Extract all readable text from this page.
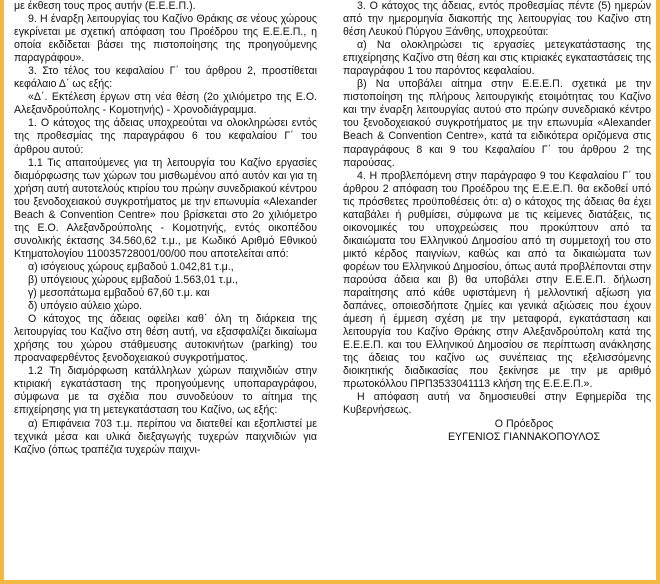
με έκθεση τους προς αυτήν (Ε.Ε.Ε.Π.).

9. Η έναρξη λειτουργίας του Καζίνο Θράκης σε νέους χώρους εγκρίνεται με σχετική απόφαση του Προέδρου της Ε.Ε.Ε.Π., η οποία εκδίδεται βάσει της πιστοποίησης της προηγούμενης παραγράφου».

3. Στο τέλος του κεφαλαίου Γ΄ του άρθρου 2, προστίθεται κεφάλαιο Δ΄ ως εξής:

«Δ΄. Εκτέλεση έργων στη νέα θέση (2ο χιλιόμετρο της Ε.Ο. Αλεξανδρούπολης - Κομοτηνής) - Χρονοδιάγραμμα.

1. Ο κάτοχος της άδειας υποχρεούται να ολοκληρώσει εντός της προθεσμίας της παραγράφου 6 του κεφαλαίου Γ΄ του άρθρου αυτού:

1.1 Τις απαιτούμενες για τη λειτουργία του Καζίνο εργασίες διαμόρφωσης των χώρων του μισθωμένου από αυτόν και για τη χρήση αυτή αυτοτελούς κτιρίου του πρώην συνεδριακού κέντρου του ξενοδοχειακού συγκροτήματος με την επωνυμία «Alexander Beach & Convention Centre» που βρίσκεται στο 2ο χιλιόμετρο της Ε.Ο. Αλεξανδρούπολης - Κομοτηνής, εντός οικοπέδου συνολικής έκτασης 34.560,62 τ.μ., με Κωδικό Αριθμό Εθνικού Κτηματολογίου 110035728001/00/00 που αποτελείται από:

α) ισόγειους χώρους εμβαδού 1.042,81 τ.μ.,

β) υπόγειους χώρους εμβαδού 1.563,01 τ.μ.,

γ) μεσοπάτωμα εμβαδού 67,60 τ.μ. και

δ) υπόγειο αύλειο χώρο.

Ο κάτοχος της άδειας οφείλει καθ΄ όλη τη διάρκεια της λειτουργίας του Καζίνο στη θέση αυτή, να εξασφαλίζει δικαίωμα χρήσης του χώρου στάθμευσης αυτοκινήτων (parking) του προαναφερθέντος ξενοδοχειακού συγκροτήματος.

1.2 Τη διαμόρφωση κατάλληλων χώρων παιχνιδιών στην κτιριακή εγκατάσταση της προηγούμενης υποπαραγράφου, σύμφωνα με τα σχέδια που συνοδεύουν το αίτημα της επιχείρησης για τη μετεγκατάσταση του Καζίνο, ως εξής:

α) Επιφάνεια 703 τ.μ. περίπου να διατεθεί και εξοπλιστεί με τεχνικά μέσα και υλικά διεξαγωγής τυχερών παιχνιδιών για Καζίνο (όπως τραπέζια τυχερών παιχνι-

3. Ο κάτοχος της άδειας, εντός προθεσμίας πέντε (5) ημερών από την ημερομηνία διακοπής της λειτουργίας του Καζίνο στη θέση Λευκού Πύργου Ξάνθης, υποχρεούται:

α) Να ολοκληρώσει τις εργασίες μετεγκατάστασης της επιχείρησης Καζίνο στη θέση και στις κτιριακές εγκαταστάσεις της παραγράφου 1 του παρόντος κεφαλαίου.

β) Να υποβάλει αίτημα στην Ε.Ε.Ε.Π. σχετικά με την πιστοποίηση της πλήρους λειτουργικής ετοιμότητας του Καζίνο και την έναρξη λειτουργίας αυτού στο πρώην συνεδριακό κέντρο του ξενοδοχειακού συγκροτήματος με την επωνυμία «Alexander Beach & Convention Centre», κατά τα ειδικότερα οριζόμενα στις παραγράφους 8 και 9 του Κεφαλαίου Γ΄ του άρθρου 2 της παρούσας.

4. Η προβλεπόμενη στην παράγραφο 9 του Κεφαλαίου Γ΄ του άρθρου 2 απόφαση του Προέδρου της Ε.Ε.Ε.Π. θα εκδοθεί υπό τις πρόσθετες προϋποθέσεις ότι: α) ο κάτοχος της άδειας θα έχει καταβάλει ή ρυθμίσει, σύμφωνα με τις κείμενες διατάξεις, τις οικονομικές του υποχρεώσεις που προκύπτουν από τα δικαιώματα του Ελληνικού Δημοσίου από τη συμμετοχή του στο μικτό κέρδος παιγνίων, καθώς και από τα δικαιώματα των φορέων του Ελληνικού Δημοσίου, όπως αυτά προβλέπονται στην παρούσα άδεια και β) θα υποβάλει στην Ε.Ε.Ε.Π. δήλωση παραίτησης από κάθε υφιστάμενη ή μελλοντική αξίωση για δαπάνες, οποιεσδήποτε ζημίες και γενικά αξιώσεις που έχουν άμεση ή έμμεση σχέση με την μεταφορά, εγκατάσταση και λειτουργία του Καζίνο Θράκης στην Αλεξανδρούπολη κατά της Ε.Ε.Ε.Π. και του Ελληνικού Δημοσίου σε περίπτωση ανάκλησης της άδειας του καζίνο ως συνέπειας της εξελισσόμενης διοικητικής διαδικασίας που ξεκίνησε με την με αριθμό πρωτοκόλλου ΠΡΠ3533041113 κλήση της Ε.Ε.Ε.Π.».

Η απόφαση αυτή να δημοσιευθεί στην Εφημερίδα της Κυβερνήσεως.

Ο Πρόεδρος

ΕΥΓΕΝΙΟΣ ΓΙΑΝΝΑΚΟΠΟΥΛΟΣ
